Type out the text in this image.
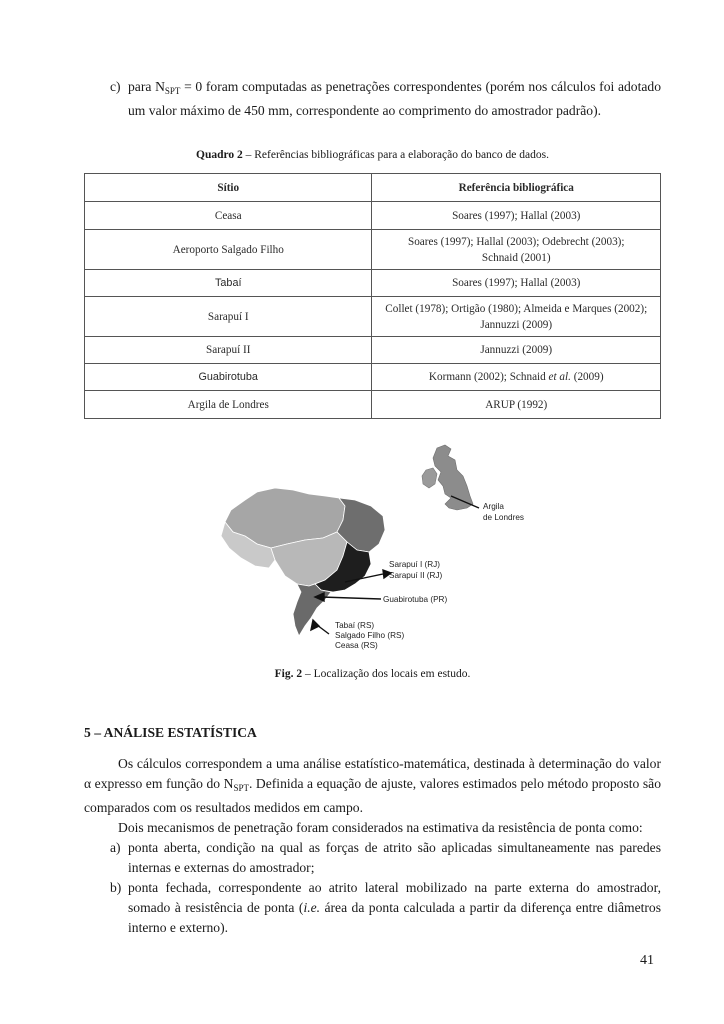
c) para $N_{SPT} = 0$ foram computadas as penetrações correspondentes (porém nos cálculos foi adotado um valor máximo de 450 mm, correspondente ao comprimento do amostrador padrão).
Quadro 2 – Referências bibliográficas para a elaboração do banco de dados.
Sítio	Referência bibliográfica
Ceasa	Soares (1997); Hallal (2003)
Aeroporto Salgado Filho	Soares (1997); Hallal (2003); Odebrecht (2003);
Schnaid (2001)
Tabaí	Soares (1997); Hallal (2003)
Sarapuí I	Collet (1978); Ortigão (1980); Almeida e Marques (2002);
Jannuzzi (2009)
Sarapuí II	Jannuzzi (2009)
Guabirotuba	Kormann (2002); Schnaid et al. (2009)
Argila de Londres	ARUP (1992)
Argila
de Londres
Sarapuí I (RJ)
Sarapuí II (RJ)
Guabirotuba (PR)
Tabaí (RS)
Salgado Filho (RS)
Ceasa (RS)
Fig. 2 – Localização dos locais em estudo.
5 – ANÁLISE ESTATÍSTICA
Os cálculos correspondem a uma análise estatístico-matemática, destinada à determinação do valor α expresso em função do $N_{SPT}$. Definida a equação de ajuste, valores estimados pelo método proposto são comparados com os resultados medidos em campo.
Dois mecanismos de penetração foram considerados na estimativa da resistência de ponta como:
a) ponta aberta, condição na qual as forças de atrito são aplicadas simultaneamente nas paredes internas e externas do amostrador;
b) ponta fechada, correspondente ao atrito lateral mobilizado na parte externa do amostrador, somado à resistência de ponta (i.e. área da ponta calculada a partir da diferença entre diâmetros interno e externo).
41
